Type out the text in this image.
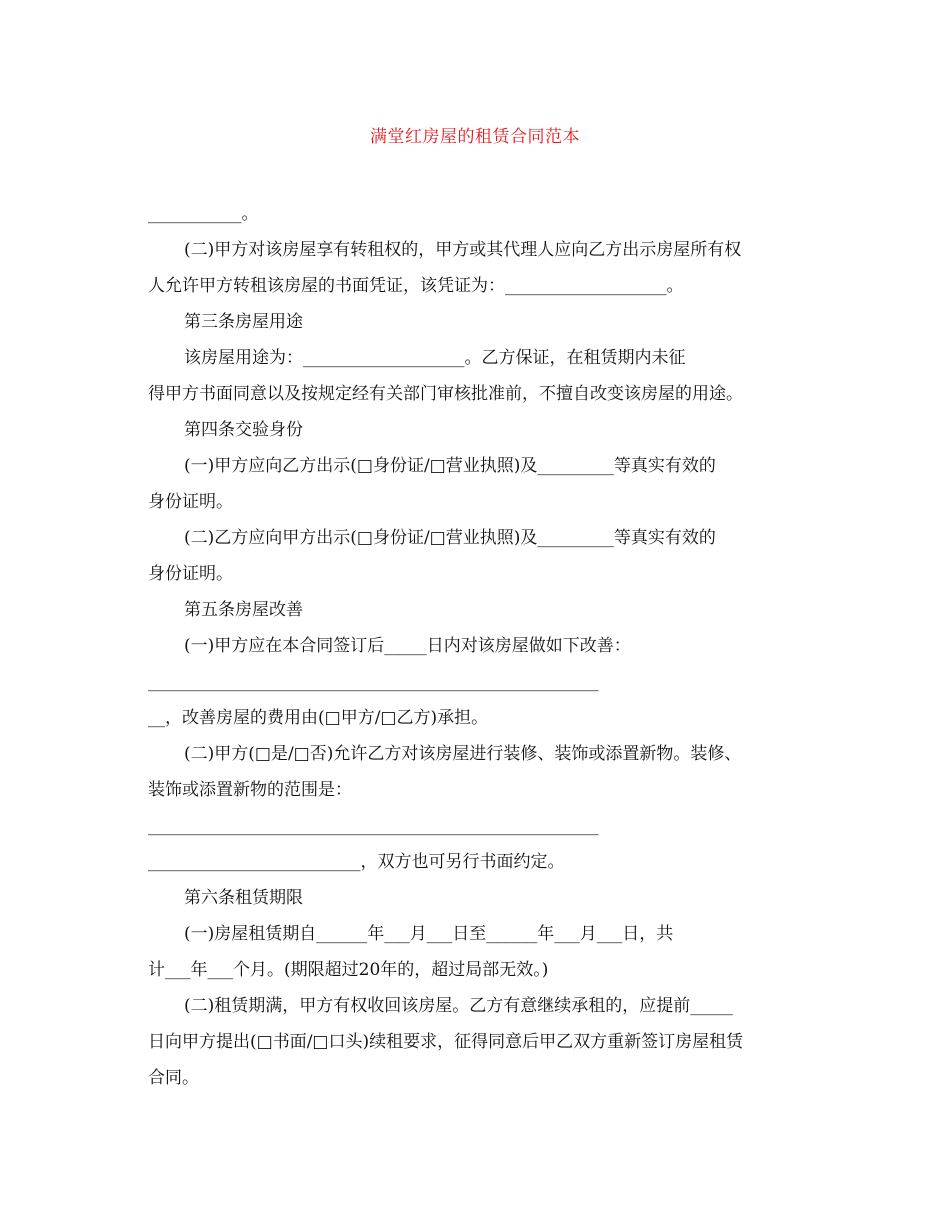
满堂红房屋的租赁合同范本
___________。
(二)甲方对该房屋享有转租权的，甲方或其代理人应向乙方出示房屋所有权
人允许甲方转租该房屋的书面凭证，该凭证为：___________________。
第三条房屋用途
该房屋用途为：___________________。乙方保证，在租赁期内未征
得甲方书面同意以及按规定经有关部门审核批准前，不擅自改变该房屋的用途。
第四条交验身份
(一)甲方应向乙方出示(□身份证/□营业执照)及_________等真实有效的
身份证明。
(二)乙方应向甲方出示(□身份证/□营业执照)及_________等真实有效的
身份证明。
第五条房屋改善
(一)甲方应在本合同签订后_____日内对该房屋做如下改善：
_____________________________________________________
__，改善房屋的费用由(□甲方/□乙方)承担。
(二)甲方(□是/□否)允许乙方对该房屋进行装修、装饰或添置新物。装修、
装饰或添置新物的范围是：
_____________________________________________________
_________________________，双方也可另行书面约定。
第六条租赁期限
(一)房屋租赁期自______年___月___日至______年___月___日，共
计___年___个月。(期限超过20年的，超过局部无效。)
(二)租赁期满，甲方有权收回该房屋。乙方有意继续承租的，应提前_____
日向甲方提出(□书面/□口头)续租要求，征得同意后甲乙双方重新签订房屋租赁
合同。
